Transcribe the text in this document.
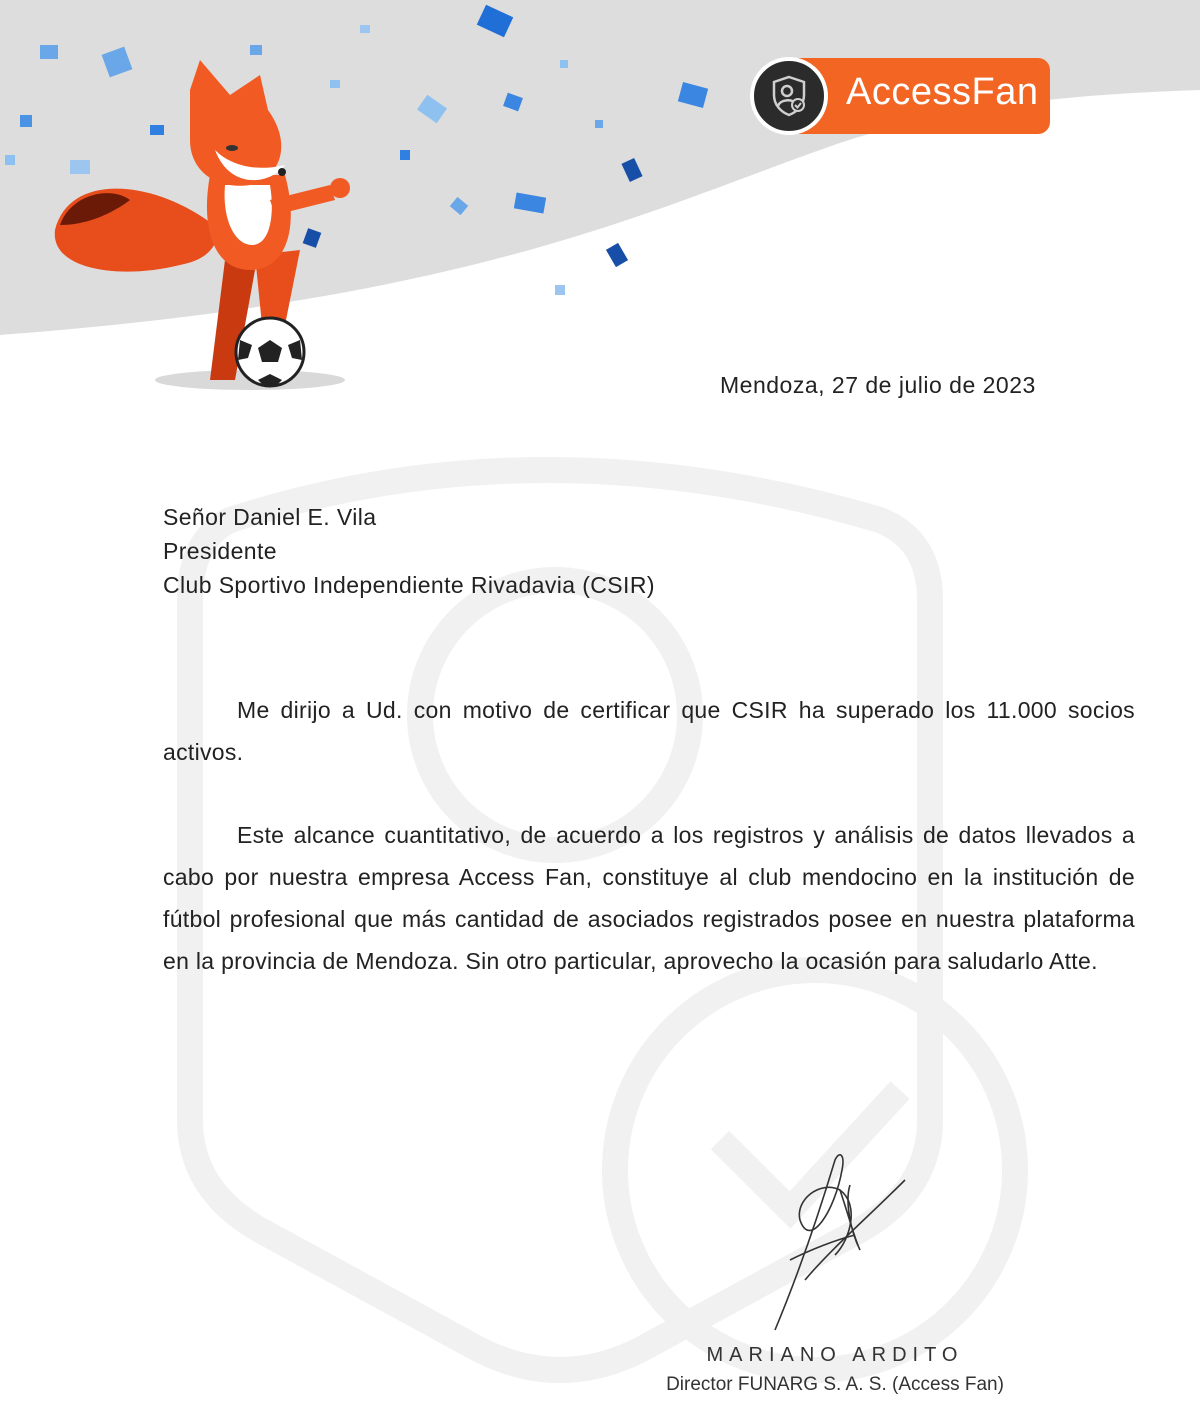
AccessFan
Mendoza, 27 de julio de 2023
Señor Daniel E. Vila
Presidente
Club Sportivo Independiente Rivadavia (CSIR)

Me dirijo a Ud. con motivo de certificar que CSIR ha superado los 11.000 socios activos.

Este alcance cuantitativo, de acuerdo a los registros y análisis de datos llevados a cabo por nuestra empresa Access Fan, constituye al club mendocino en la institución de fútbol profesional que más cantidad de asociados registrados posee en nuestra plataforma en la provincia de Mendoza. Sin otro particular, aprovecho la ocasión para saludarlo Atte.

MARIANO ARDITO
Director FUNARG S. A. S. (Access Fan)
